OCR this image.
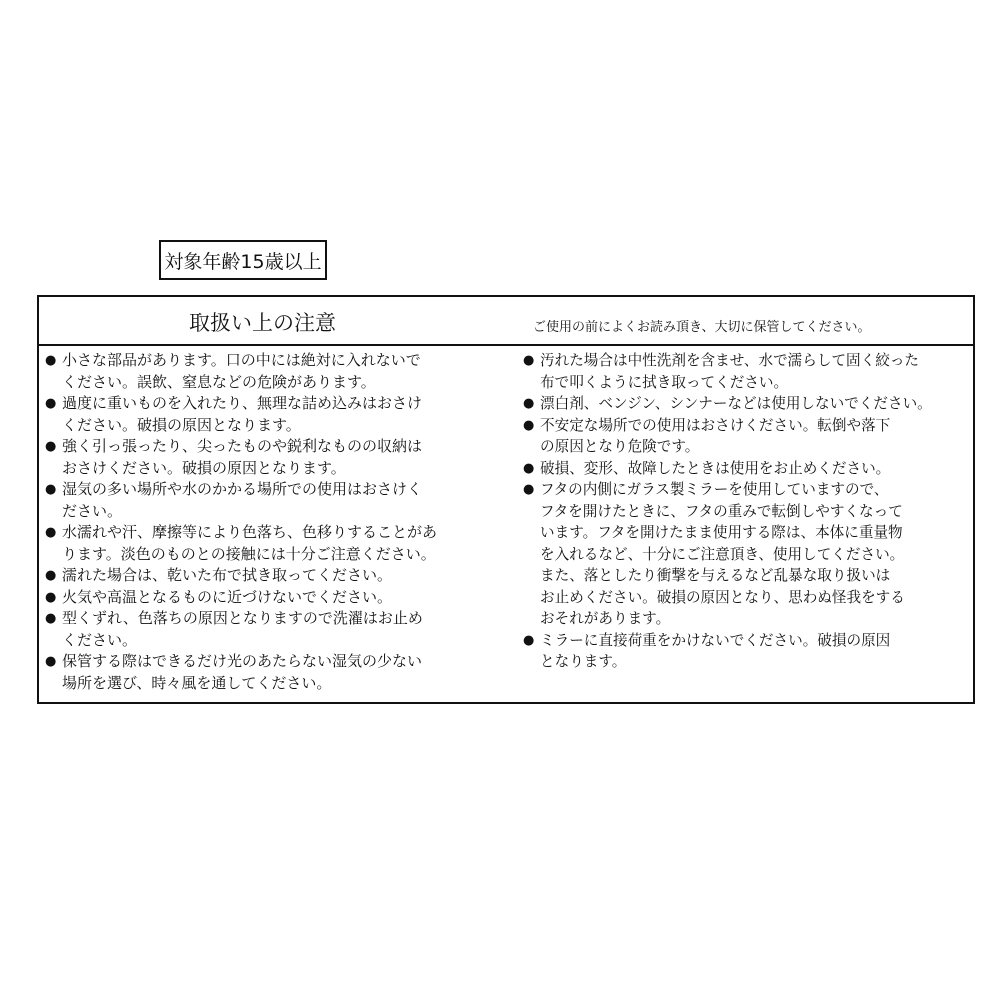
対象年齢15歳以上
取扱い上の注意	ご使用の前によくお読み頂き、大切に保管してください。
● 小さな部品があります。口の中には絶対に入れないで
ください。誤飲、窒息などの危険があります。
● 過度に重いものを入れたり、無理な詰め込みはおさけ
ください。破損の原因となります。
● 強く引っ張ったり、尖ったものや鋭利なものの収納は
おさけください。破損の原因となります。
● 湿気の多い場所や水のかかる場所での使用はおさけく
ださい。
● 水濡れや汗、摩擦等により色落ち、色移りすることがあ
ります。淡色のものとの接触には十分ご注意ください。
● 濡れた場合は、乾いた布で拭き取ってください。
● 火気や高温となるものに近づけないでください。
● 型くずれ、色落ちの原因となりますので洗濯はお止め
ください。
● 保管する際はできるだけ光のあたらない湿気の少ない
場所を選び、時々風を通してください。
● 汚れた場合は中性洗剤を含ませ、水で濡らして固く絞った
布で叩くように拭き取ってください。
● 漂白剤、ベンジン、シンナーなどは使用しないでください。
● 不安定な場所での使用はおさけください。転倒や落下
の原因となり危険です。
● 破損、変形、故障したときは使用をお止めください。
● フタの内側にガラス製ミラーを使用していますので、
フタを開けたときに、フタの重みで転倒しやすくなって
います。フタを開けたまま使用する際は、本体に重量物
を入れるなど、十分にご注意頂き、使用してください。
また、落としたり衝撃を与えるなど乱暴な取り扱いは
お止めください。破損の原因となり、思わぬ怪我をする
おそれがあります。
● ミラーに直接荷重をかけないでください。破損の原因
となります。
